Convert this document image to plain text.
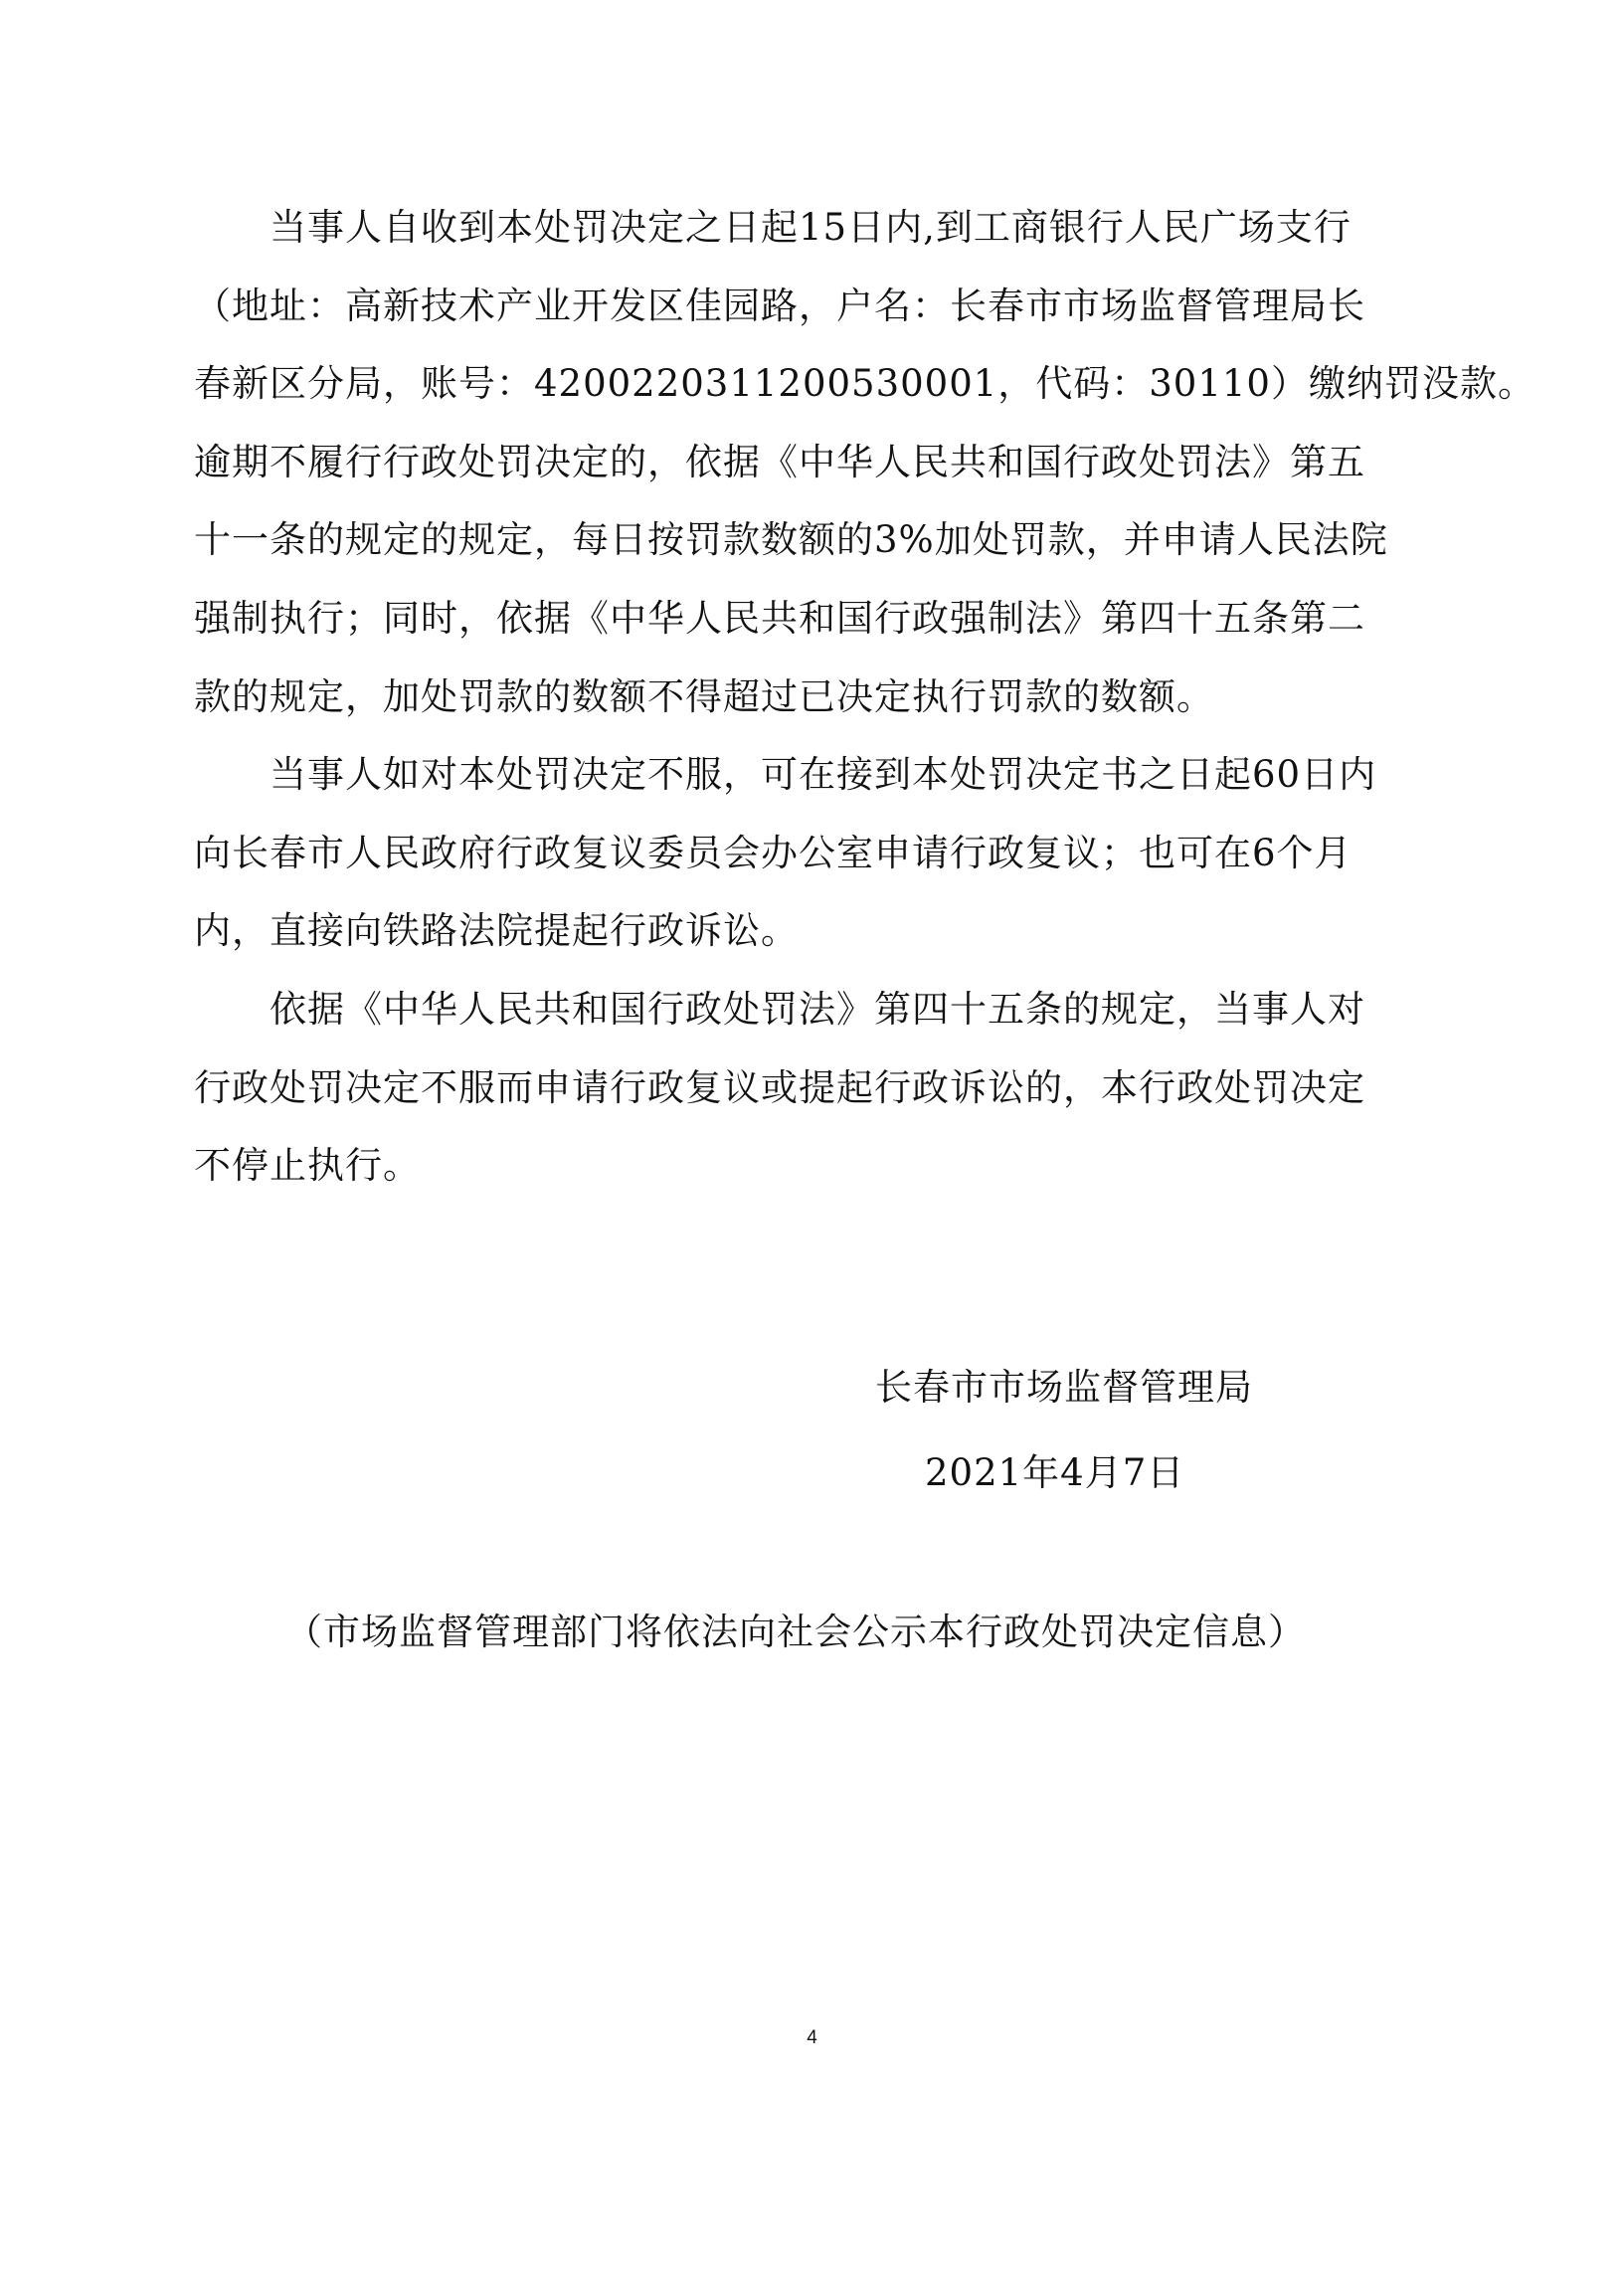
当事人自收到本处罚决定之日起15日内,到工商银行人民广场支行
（地址：高新技术产业开发区佳园路，户名：长春市市场监督管理局长
春新区分局，账号：4200220311200530001，代码：30110）缴纳罚没款。
逾期不履行行政处罚决定的，依据《中华人民共和国行政处罚法》第五
十一条的规定的规定，每日按罚款数额的3%加处罚款，并申请人民法院
强制执行；同时，依据《中华人民共和国行政强制法》第四十五条第二
款的规定，加处罚款的数额不得超过已决定执行罚款的数额。

当事人如对本处罚决定不服，可在接到本处罚决定书之日起60日内
向长春市人民政府行政复议委员会办公室申请行政复议；也可在6个月
内，直接向铁路法院提起行政诉讼。

依据《中华人民共和国行政处罚法》第四十五条的规定，当事人对
行政处罚决定不服而申请行政复议或提起行政诉讼的，本行政处罚决定
不停止执行。

长春市市场监督管理局
2021年4月7日
（市场监督管理部门将依法向社会公示本行政处罚决定信息）
4
